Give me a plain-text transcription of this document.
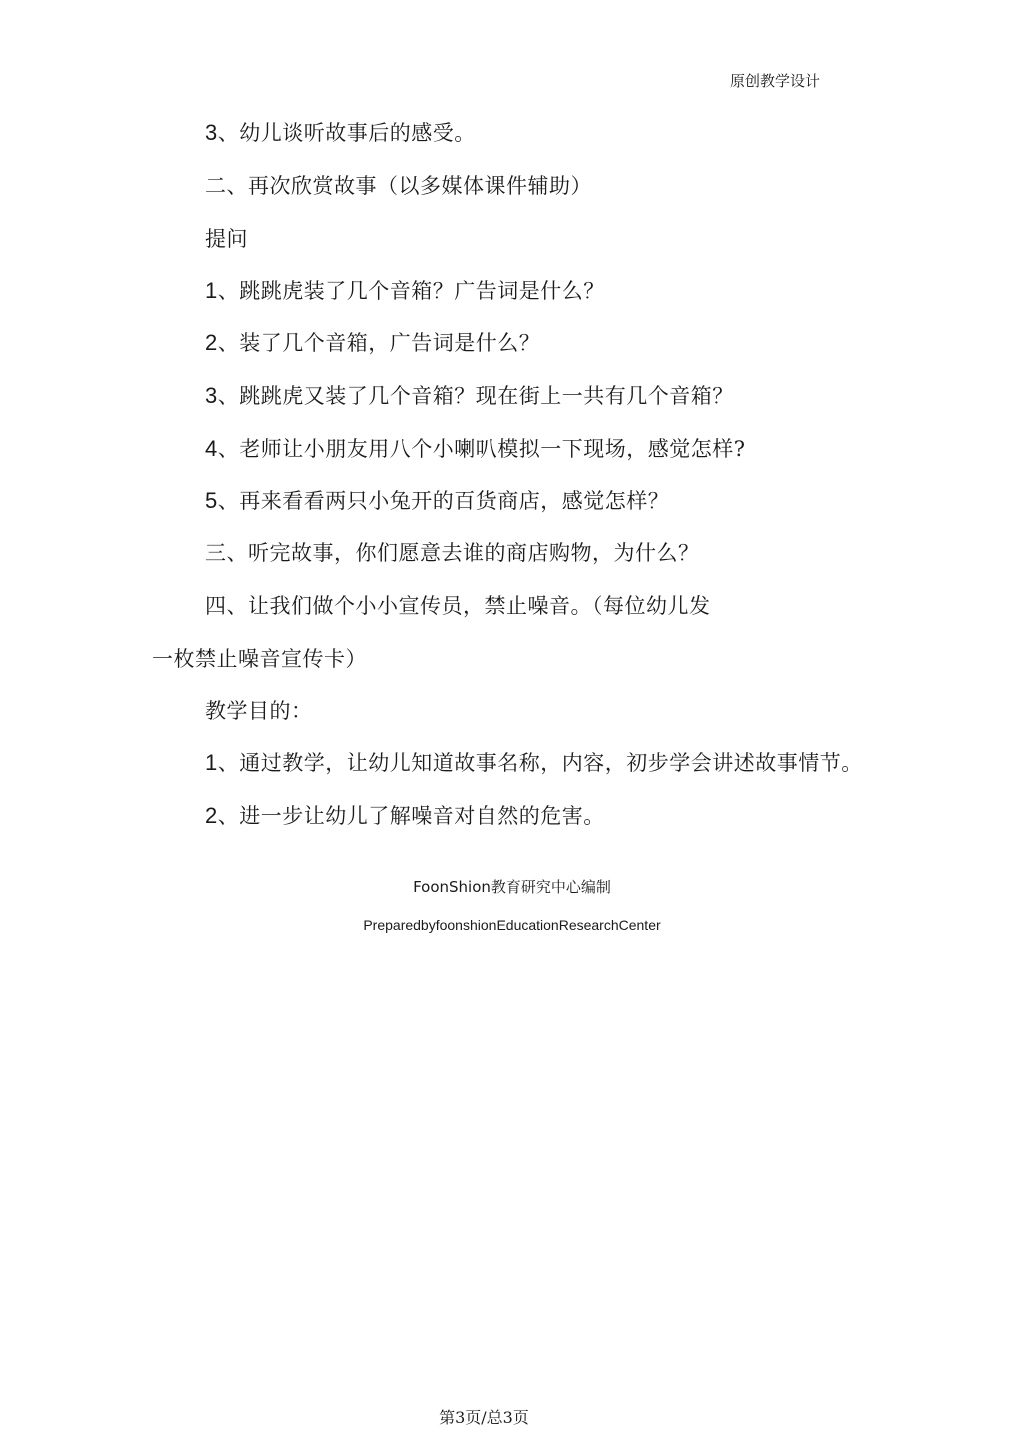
原创教学设计
3、幼儿谈听故事后的感受。
二、再次欣赏故事（以多媒体课件辅助）
提问
1、跳跳虎装了几个音箱？广告词是什么？
2、装了几个音箱，广告词是什么？
3、跳跳虎又装了几个音箱？现在街上一共有几个音箱？
4、老师让小朋友用八个小喇叭模拟一下现场，感觉怎样?
5、再来看看两只小兔开的百货商店，感觉怎样？
三、听完故事，你们愿意去谁的商店购物，为什么？
四、让我们做个小小宣传员，禁止噪音。（每位幼儿发
一枚禁止噪音宣传卡）
教学目的：
1、通过教学，让幼儿知道故事名称，内容，初步学会讲述故事情节。
2、进一步让幼儿了解噪音对自然的危害。
FoonShion教育研究中心编制
PreparedbyfoonshionEducationResearchCenter
第3页/总3页
